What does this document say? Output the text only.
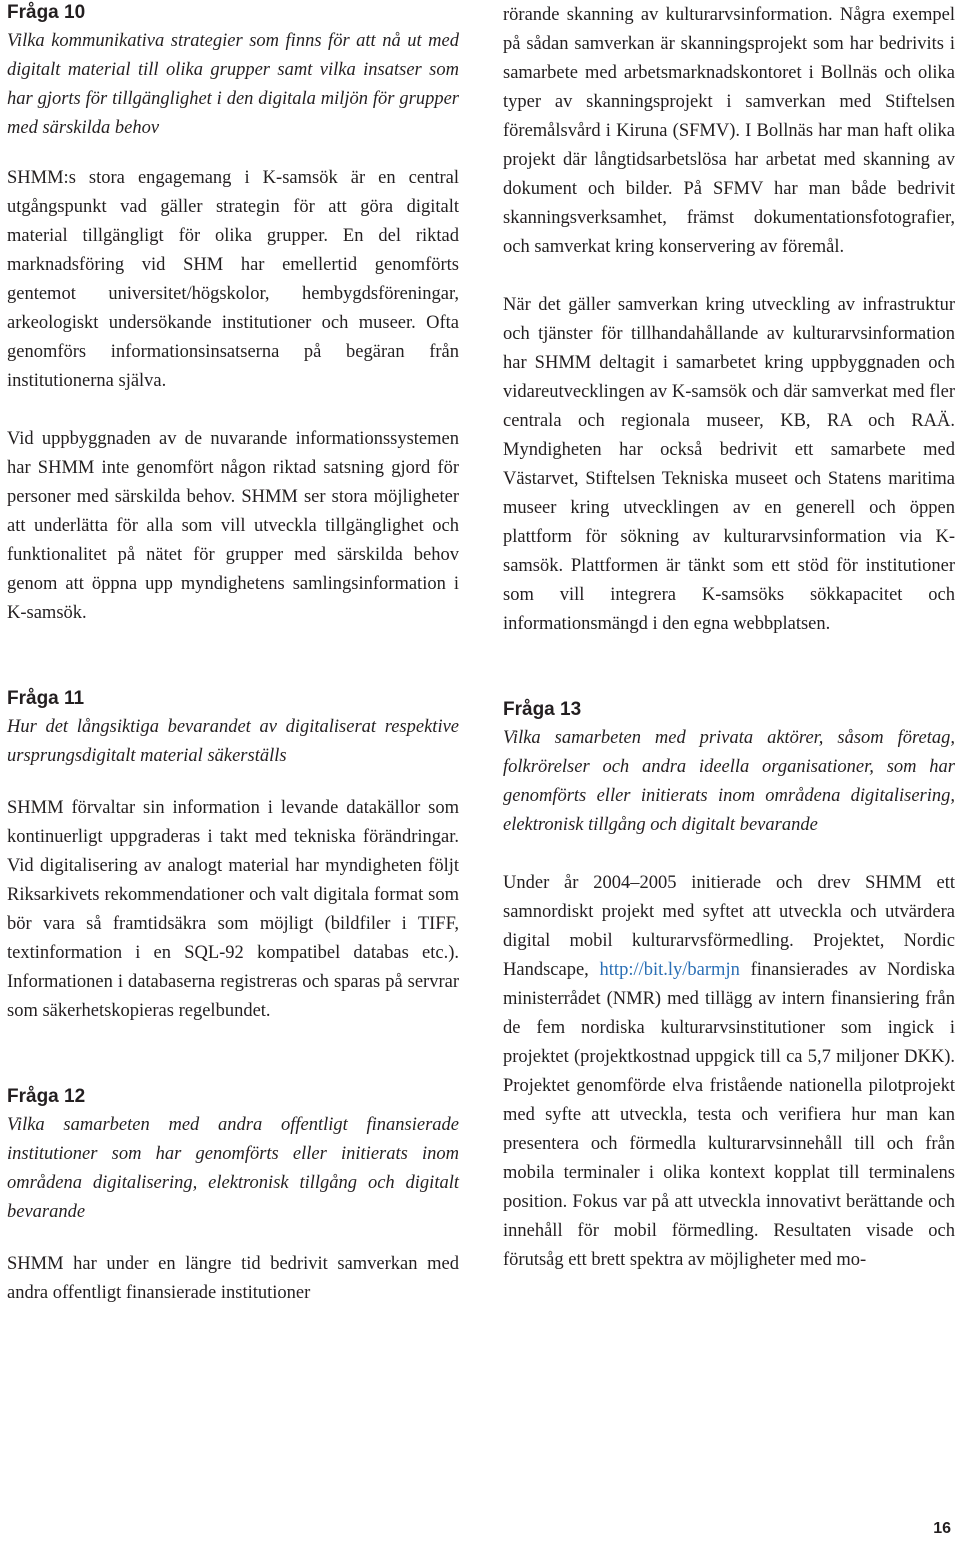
Fråga 10

Vilka kommunikativa strategier som finns för att nå ut med digitalt material till olika grupper samt vilka insatser som har gjorts för tillgänglighet i den digitala miljön för grupper med särskilda behov

SHMM:s stora engagemang i K-samsök är en central utgångspunkt vad gäller strategin för att göra digitalt material tillgängligt för olika grupper. En del riktad marknadsföring vid SHM har emellertid genomförts gentemot universitet/högskolor, hembygdsföreningar, arkeologiskt undersökande institutioner och museer. Ofta genomförs informationsinsatserna på begäran från institutionerna själva.

Vid uppbyggnaden av de nuvarande informationssystemen har SHMM inte genomfört någon riktad satsning gjord för personer med särskilda behov. SHMM ser stora möjligheter att underlätta för alla som vill utveckla tillgänglighet och funktionalitet på nätet för grupper med särskilda behov genom att öppna upp myndighetens samlingsinformation i K-samsök.

Fråga 11

Hur det långsiktiga bevarandet av digitaliserat respektive ursprungsdigitalt material säkerställs

SHMM förvaltar sin information i levande datakällor som kontinuerligt uppgraderas i takt med tekniska förändringar. Vid digitalisering av analogt material har myndigheten följt Riksarkivets rekommendationer och valt digitala format som bör vara så framtidsäkra som möjligt (bildfiler i TIFF, textinformation i en SQL-92 kompatibel databas etc.). Informationen i databaserna registreras och sparas på servrar som säkerhetskopieras regelbundet.

Fråga 12

Vilka samarbeten med andra offentligt finansierade institutioner som har genomförts eller initierats inom områdena digitalisering, elektronisk tillgång och digitalt bevarande

SHMM har under en längre tid bedrivit samverkan med andra offentligt finansierade institutioner

rörande skanning av kulturarvsinformation. Några exempel på sådan samverkan är skanningsprojekt som har bedrivits i samarbete med arbetsmarknadskontoret i Bollnäs och olika typer av skanningsprojekt i samverkan med Stiftelsen föremålsvård i Kiruna (SFMV). I Bollnäs har man haft olika projekt där långtidsarbetslösa har arbetat med skanning av dokument och bilder. På SFMV har man både bedrivit skanningsverksamhet, främst dokumentationsfotografier, och samverkat kring konservering av föremål.

När det gäller samverkan kring utveckling av infrastruktur och tjänster för tillhandahållande av kulturarvsinformation har SHMM deltagit i samarbetet kring uppbyggnaden och vidareutvecklingen av K-samsök och där samverkat med fler centrala och regionala museer, KB, RA och RAÄ. Myndigheten har också bedrivit ett samarbete med Västarvet, Stiftelsen Tekniska museet och Statens maritima museer kring utvecklingen av en generell och öppen plattform för sökning av kulturarvsinformation via K-samsök. Plattformen är tänkt som ett stöd för institutioner som vill integrera K-samsöks sökkapacitet och informationsmängd i den egna webbplatsen.

Fråga 13

Vilka samarbeten med privata aktörer, såsom företag, folkrörelser och andra ideella organisationer, som har genomförts eller initierats inom områdena digitalisering, elektronisk tillgång och digitalt bevarande

Under år 2004–2005 initierade och drev SHMM ett samnordiskt projekt med syftet att utveckla och utvärdera digital mobil kulturarvsförmedling. Projektet, Nordic Handscape, http://bit.ly/barmjn finansierades av Nordiska ministerrådet (NMR) med tillägg av intern finansiering från de fem nordiska kulturarvsinstitutioner som ingick i projektet (projektkostnad uppgick till ca 5,7 miljoner DKK). Projektet genomförde elva fristående nationella pilotprojekt med syfte att utveckla, testa och verifiera hur man kan presentera och förmedla kulturarvsinnehåll till och från mobila terminaler i olika kontext kopplat till terminalens position. Fokus var på att utveckla innovativt berättande och innehåll för mobil förmedling. Resultaten visade och förutsåg ett brett spektra av möjligheter med mo-

16
